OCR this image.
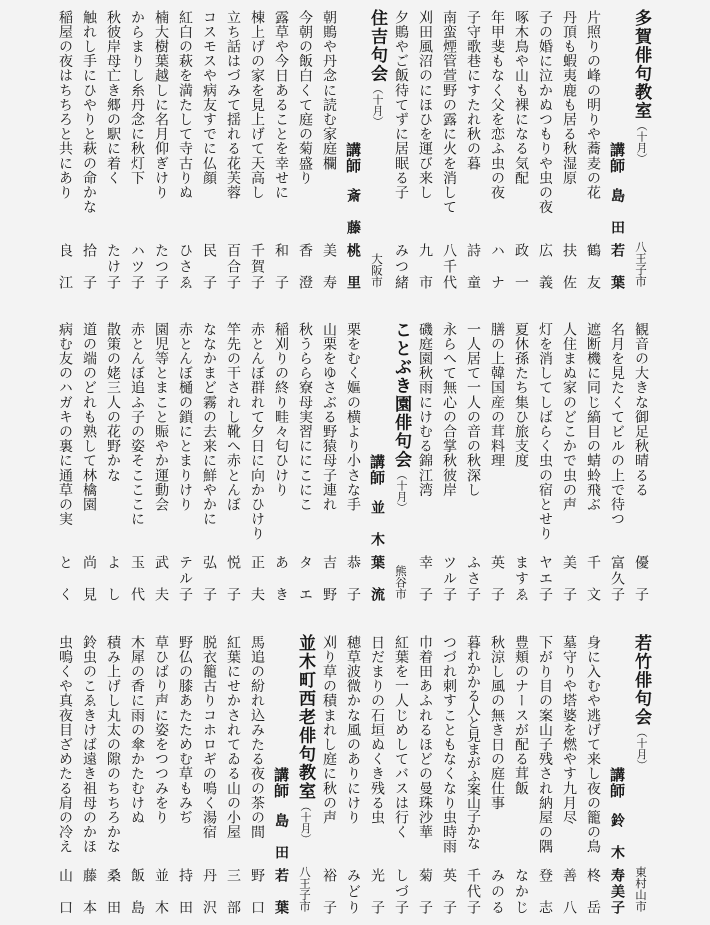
多賀俳句教室（十月）
八王子市
講師
島田
若葉
片照りの峰の明りや蕎麦の花
鶴友
丹頂も蝦夷鹿も居る秋湿原
扶佐
子の婚に泣かぬつもりや虫の夜
広義
啄木鳥や山も裸になる気配
政一
年甲斐もなく父を恋ふ虫の夜
ハナ
子守歌巷にすたれ秋の暮
詩童
南蛮煙管萱野の露に火を消して
八千代
刈田風沼のにほひを運び来し
九市
夕鵙やご飯待てずに居眠る子
みつ緒
住吉句会（十月）
大阪市
講師
斎藤
桃里
朝鵙や丹念に読む家庭欄
美寿
今朝の飯白くて庭の菊盛り
香澄
露草や今日あることを幸せに
和子
棟上げの家を見上げて天高し
千賀子
立ち話はづみて揺れる花芙蓉
百合子
コスモスや病友すでに仏顔
民子
紅白の萩を満たして寺古りぬ
ひさゑ
楠大樹葉越しに名月仰ぎけり
たつ子
からまりし糸丹念に秋灯下
ハツ子
秋彼岸母亡き郷の駅に着く
たけ子
触れし手にひやりと萩の命かな
拾子
稲屋の夜はちちろと共にあり
良江
観音の大きな御足秋晴るる
優子
名月を見たくてビルの上で待つ
富久子
遮断機に同じ縞目の蜻蛉飛ぶ
千文
人住まぬ家のどこかで虫の声
美子
灯を消してしばらく虫の宿とせり
ヤエ子
夏休孫たち集ひ旅支度
ますゑ
膳の上韓国産の茸料理
英子
一人居て一人の音の秋深し
ふさ子
永らへて無心の合掌秋彼岸
ツル子
磯庭園秋雨にけむる錦江湾
幸子
ことぶき園俳句会（十月）
熊谷市
講師
並木
葉流
栗をむく嫗の横より小さな手
恭子
山栗をゆさぶる野猿母子連れ
吉野
秋うらら寮母実習ににこにこ
タエ
稲刈りの終り畦々匂ひけり
あき
赤とんぼ群れて夕日に向かひけり
正夫
竿先の干されし靴へ赤とんぼ
悦子
ななかまど霧の去来に鮮やかに
弘子
赤とんぼ樋の鎖にとまりけり
テル子
園児等とまこと賑やか運動会
武夫
赤とんぼ追ふ子の姿そこここに
玉代
散策の姥三人の花野かな
よし
道の端のどれも熟して林檎園
尚見
病む友のハガキの裏に通草の実
とく
若竹俳句会（十月）
東村山市
講師
鈴木
寿美子
身に入むや逃げて来し夜の籠の鳥
柊岳
墓守りや塔婆を燃やす九月尽
善八
下がり目の案山子残され納屋の隅
登志
豊頬のナースが配る茸飯
なかじ
秋涼し風の無き日の庭仕事
みのる
暮れかかる人と見まがふ案山子かな
千代子
つづれ刺すこともなくなり虫時雨
英子
巾着田あふれるほどの曼珠沙華
菊子
紅葉を一人じめしてバスは行く
しづ子
日だまりの石垣ぬくき残る虫
光子
穂草波微かな風のありにけり
みどり
刈り草の積まれし庭に秋の声
裕子
並木町西老俳句教室（十月）
八王子市
講師
島田
若葉
馬追の紛れ込みたる夜の茶の間
野口
紅葉にせかされてゐる山の小屋
三部
脱衣籠古りコホロギの鳴く湯宿
丹沢
野仏の膝あたためむ草もみぢ
持田
草ひばり声に姿をつつみをり
並木
木犀の香に雨の傘かたむけぬ
飯島
積み上げし丸太の隙のちちろかな
桑田
鈴虫のこゑきけば遠き祖母のかほ
藤本
虫鳴くや真夜目ざめたる肩の冷え
山口
